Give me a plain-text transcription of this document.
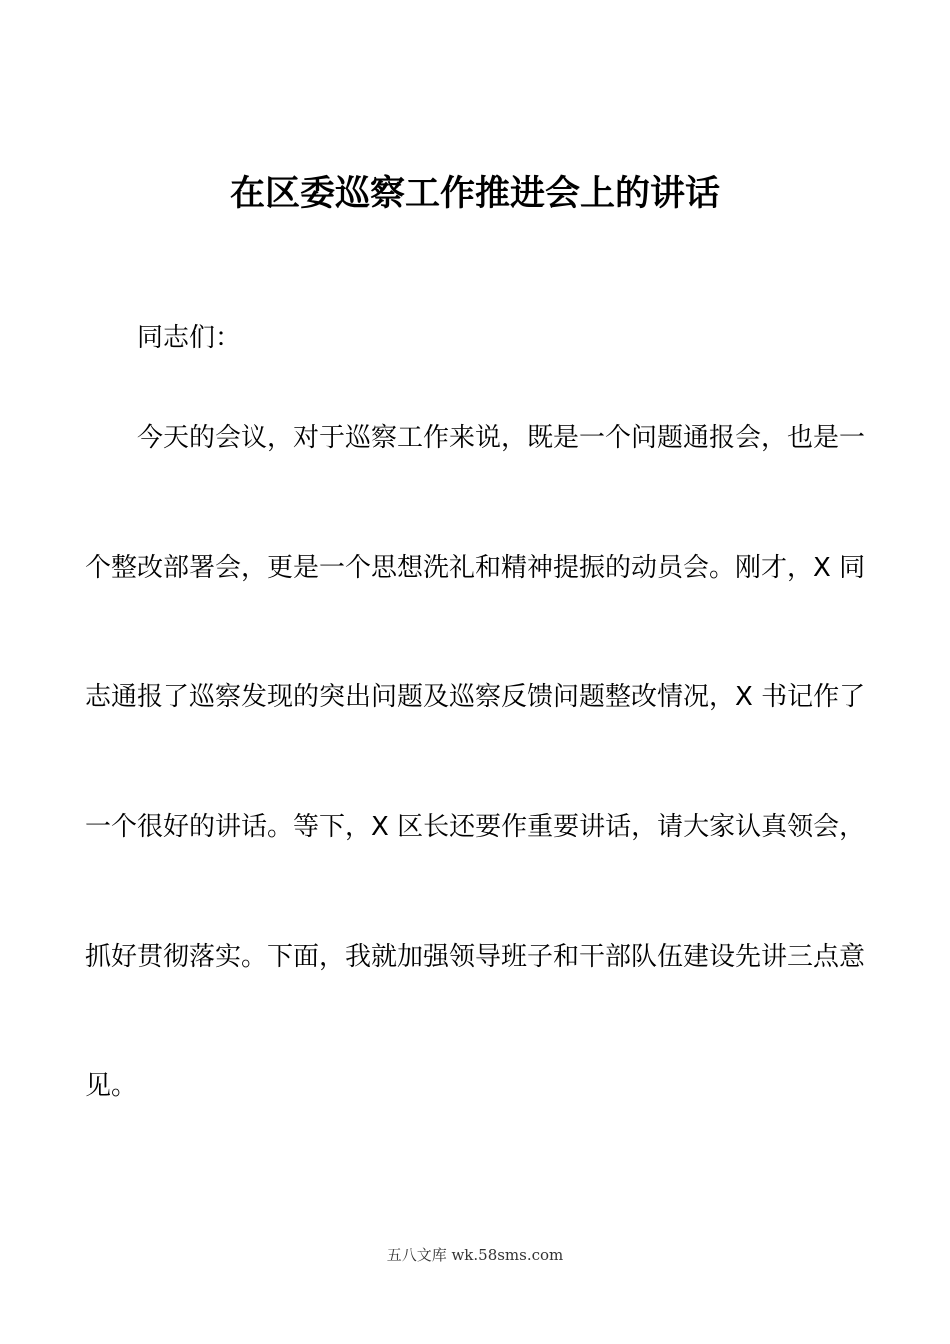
在区委巡察工作推进会上的讲话
同志们：
今天的会议，对于巡察工作来说，既是一个问题通报会，也是一
个整改部署会，更是一个思想洗礼和精神提振的动员会。刚才，X 同
志通报了巡察发现的突出问题及巡察反馈问题整改情况，X 书记作了
一个很好的讲话。等下，X 区长还要作重要讲话，请大家认真领会，
抓好贯彻落实。下面，我就加强领导班子和干部队伍建设先讲三点意
见。
五八文库 wk.58sms.com
